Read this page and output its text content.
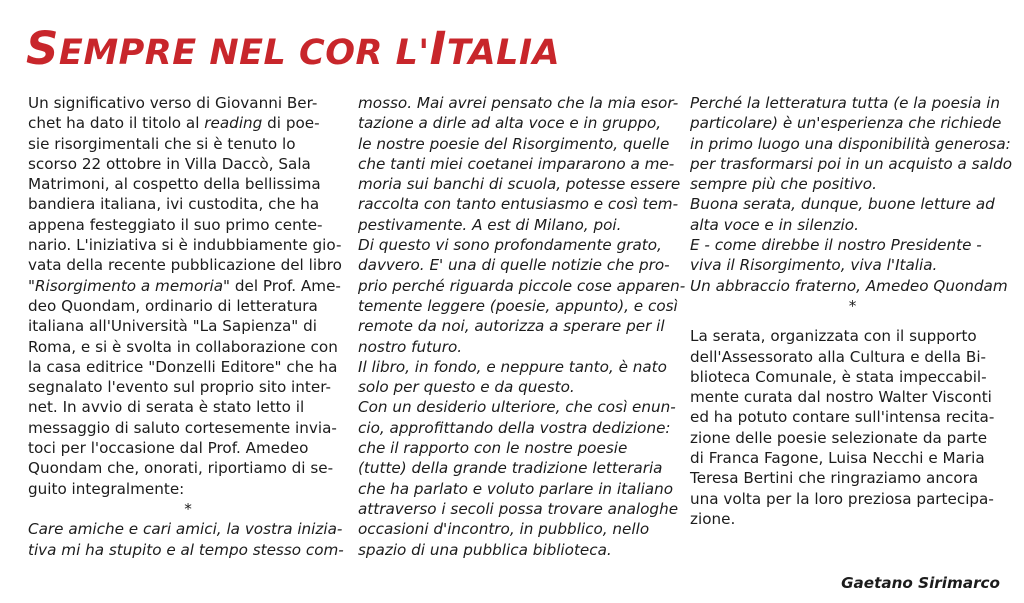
SEMPRE NEL COR L'ITALIA

Un significativo verso di Giovanni Ber-

chet ha dato il titolo al reading di poe-

sie risorgimentali che si è tenuto lo

scorso 22 ottobre in Villa Daccò, Sala

Matrimoni, al cospetto della bellissima

bandiera italiana, ivi custodita, che ha

appena festeggiato il suo primo cente-

nario. L'iniziativa si è indubbiamente gio-

vata della recente pubblicazione del libro

"Risorgimento a memoria" del Prof. Ame-

deo Quondam, ordinario di letteratura

italiana all'Università "La Sapienza" di

Roma, e si è svolta in collaborazione con

la casa editrice "Donzelli Editore" che ha

segnalato l'evento sul proprio sito inter-

net. In avvio di serata è stato letto il

messaggio di saluto cortesemente inviа-

toci per l'occasione dal Prof. Amedeo

Quondam che, onorati, riportiamo di se-

guito integralmente:

*

Care amiche e cari amici, la vostra inizia-

tiva mi ha stupito e al tempo stesso com-

mosso. Mai avrei pensato che la mia esor-

tazione a dirle ad alta voce e in gruppo,

le nostre poesie del Risorgimento, quelle

che tanti miei coetanei impararono a me-

moria sui banchi di scuola, potesse essere

raccolta con tanto entusiasmo e così tem-

pestivamente. A est di Milano, poi.

Di questo vi sono profondamente grato,

davvero. E' una di quelle notizie che pro-

prio perché riguarda piccole cose apparen-

temente leggere (poesie, appunto), e così

remote da noi, autorizza a sperare per il

nostro futuro.

Il libro, in fondo, e neppure tanto, è nato

solo per questo e da questo.

Con un desiderio ulteriore, che così enun-

cio, approfittando della vostra dedizione:

che il rapporto con le nostre poesie

(tutte) della grande tradizione letteraria

che ha parlato e voluto parlare in italiano

attraverso i secoli possa trovare analoghe

occasioni d'incontro, in pubblico, nello

spazio di una pubblica biblioteca.

Perché la letteratura tutta (e la poesia in

particolare) è un'esperienza che richiede

in primo luogo una disponibilità generosa:

per trasformarsi poi in un acquisto a saldo

sempre più che positivo.

Buona serata, dunque, buone letture ad

alta voce e in silenzio.

E - come direbbe il nostro Presidente -

viva il Risorgimento, viva l'Italia.

Un abbraccio fraterno, Amedeo Quondam

*

La serata, organizzata con il supporto

dell'Assessorato alla Cultura e della Bi-

blioteca Comunale, è stata impeccabil-

mente curata dal nostro Walter Visconti

ed ha potuto contare sull'intensa recita-

zione delle poesie selezionate da parte

di Franca Fagone, Luisa Necchi e Maria

Teresa Bertini che ringraziamo ancora

una volta per la loro preziosa partecipa-

zione.

Gaetano Sirimarco
